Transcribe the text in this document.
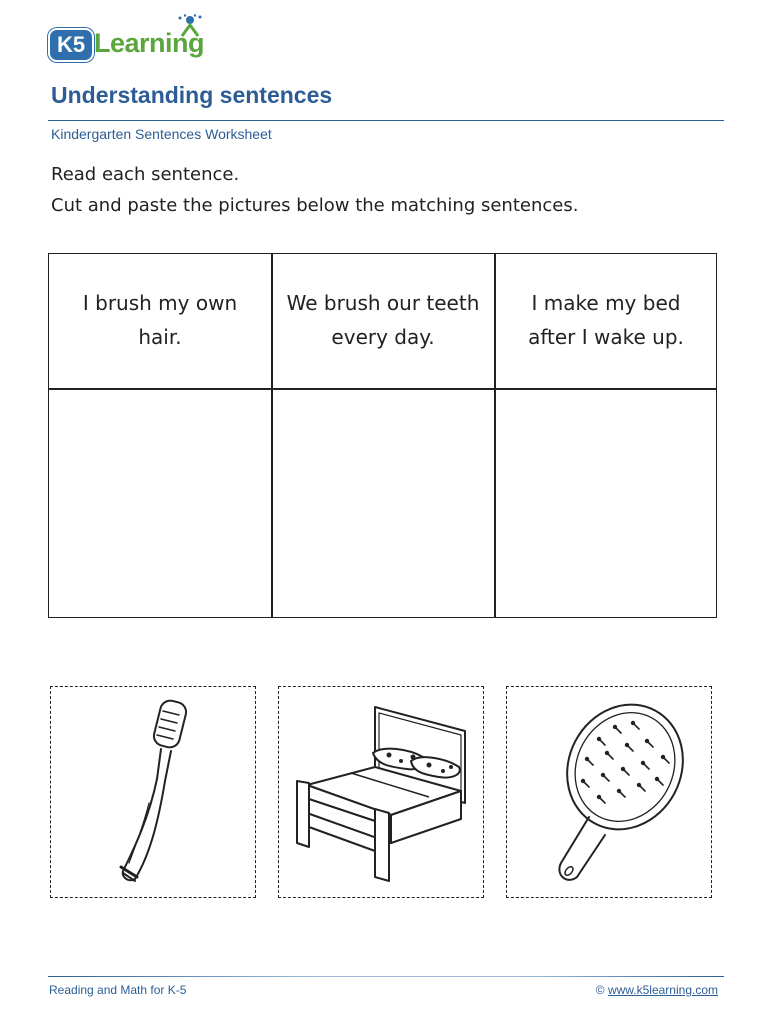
K5 Learning
Understanding sentences
Kindergarten Sentences Worksheet
Read each sentence.
Cut and paste the pictures below the matching sentences.
I brush my own
hair.
We brush our teeth
every day.
I make my bed
after I wake up.
Reading and Math for K-5	© www.k5learning.com
